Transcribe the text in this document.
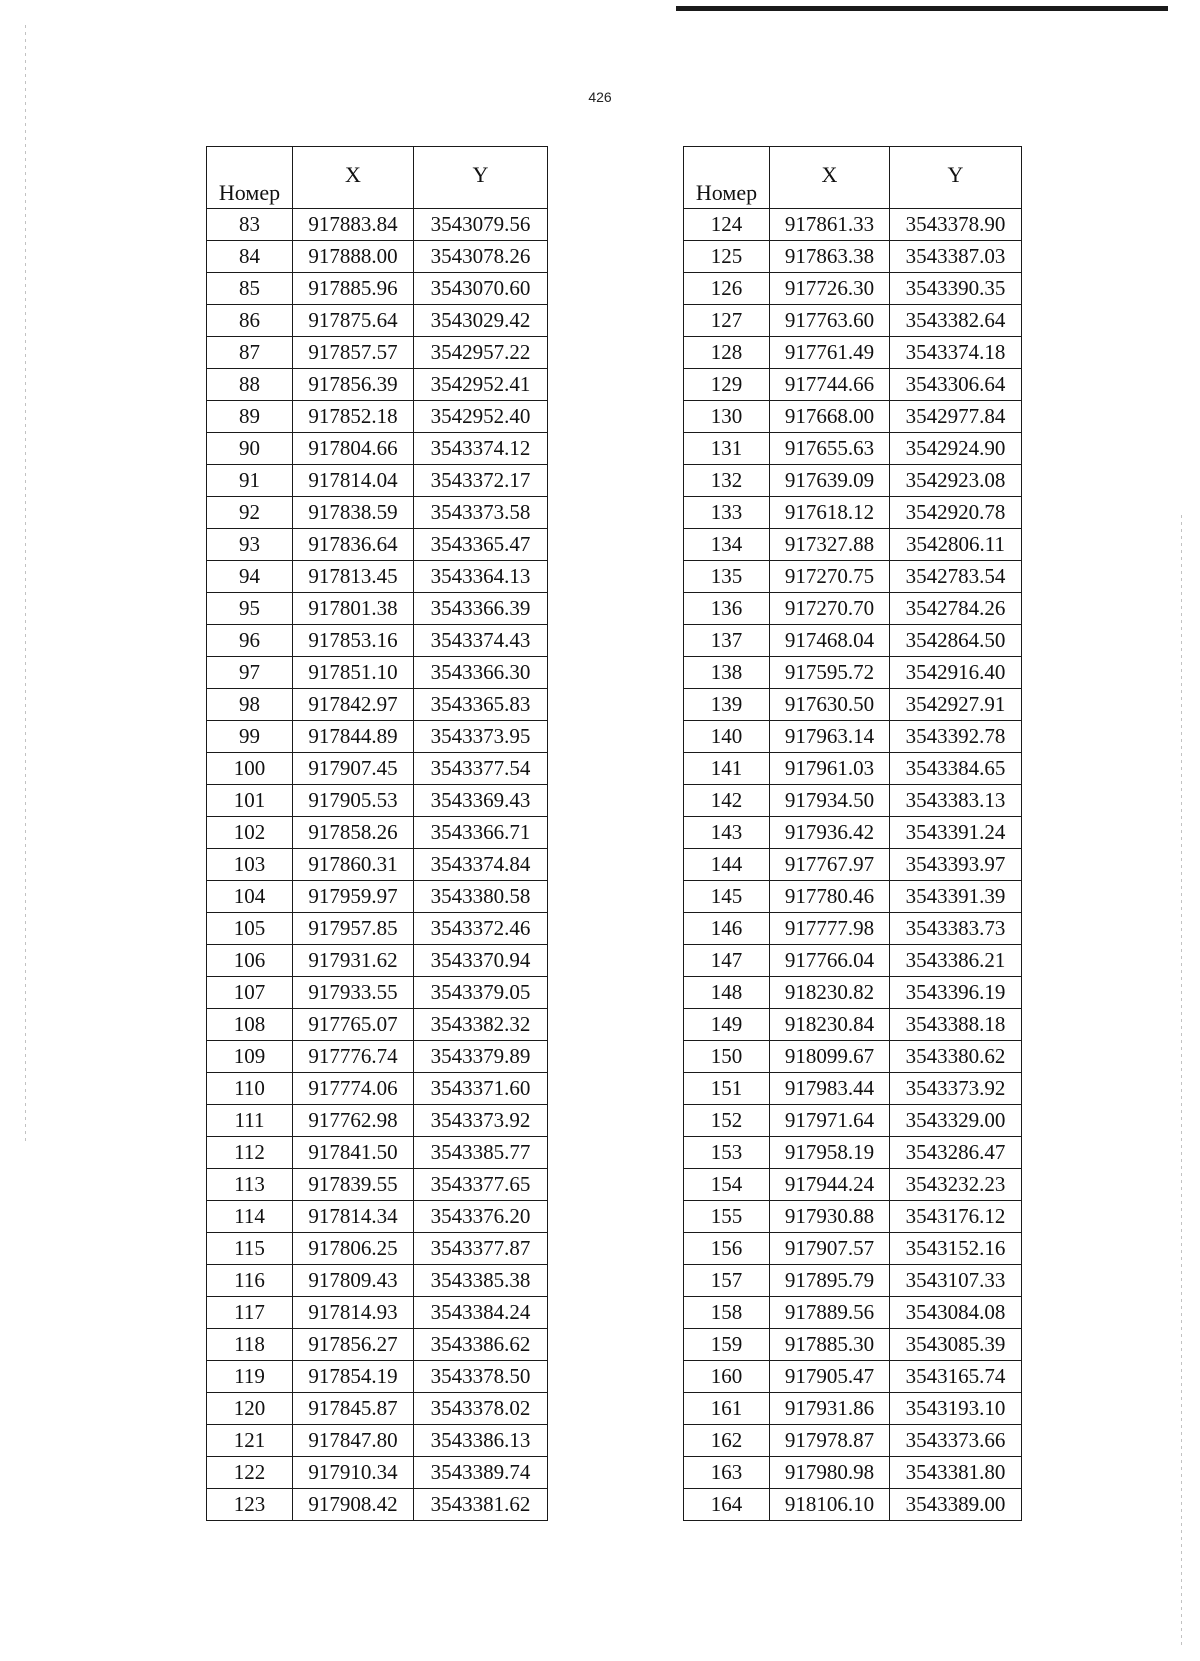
426
Номер	X	Y

83	917883.84	3543079.56
84	917888.00	3543078.26
85	917885.96	3543070.60
86	917875.64	3543029.42
87	917857.57	3542957.22
88	917856.39	3542952.41
89	917852.18	3542952.40
90	917804.66	3543374.12
91	917814.04	3543372.17
92	917838.59	3543373.58
93	917836.64	3543365.47
94	917813.45	3543364.13
95	917801.38	3543366.39
96	917853.16	3543374.43
97	917851.10	3543366.30
98	917842.97	3543365.83
99	917844.89	3543373.95
100	917907.45	3543377.54
101	917905.53	3543369.43
102	917858.26	3543366.71
103	917860.31	3543374.84
104	917959.97	3543380.58
105	917957.85	3543372.46
106	917931.62	3543370.94
107	917933.55	3543379.05
108	917765.07	3543382.32
109	917776.74	3543379.89
110	917774.06	3543371.60
111	917762.98	3543373.92
112	917841.50	3543385.77
113	917839.55	3543377.65
114	917814.34	3543376.20
115	917806.25	3543377.87
116	917809.43	3543385.38
117	917814.93	3543384.24
118	917856.27	3543386.62
119	917854.19	3543378.50
120	917845.87	3543378.02
121	917847.80	3543386.13
122	917910.34	3543389.74
123	917908.42	3543381.62
Номер	X	Y

124	917861.33	3543378.90
125	917863.38	3543387.03
126	917726.30	3543390.35
127	917763.60	3543382.64
128	917761.49	3543374.18
129	917744.66	3543306.64
130	917668.00	3542977.84
131	917655.63	3542924.90
132	917639.09	3542923.08
133	917618.12	3542920.78
134	917327.88	3542806.11
135	917270.75	3542783.54
136	917270.70	3542784.26
137	917468.04	3542864.50
138	917595.72	3542916.40
139	917630.50	3542927.91
140	917963.14	3543392.78
141	917961.03	3543384.65
142	917934.50	3543383.13
143	917936.42	3543391.24
144	917767.97	3543393.97
145	917780.46	3543391.39
146	917777.98	3543383.73
147	917766.04	3543386.21
148	918230.82	3543396.19
149	918230.84	3543388.18
150	918099.67	3543380.62
151	917983.44	3543373.92
152	917971.64	3543329.00
153	917958.19	3543286.47
154	917944.24	3543232.23
155	917930.88	3543176.12
156	917907.57	3543152.16
157	917895.79	3543107.33
158	917889.56	3543084.08
159	917885.30	3543085.39
160	917905.47	3543165.74
161	917931.86	3543193.10
162	917978.87	3543373.66
163	917980.98	3543381.80
164	918106.10	3543389.00
